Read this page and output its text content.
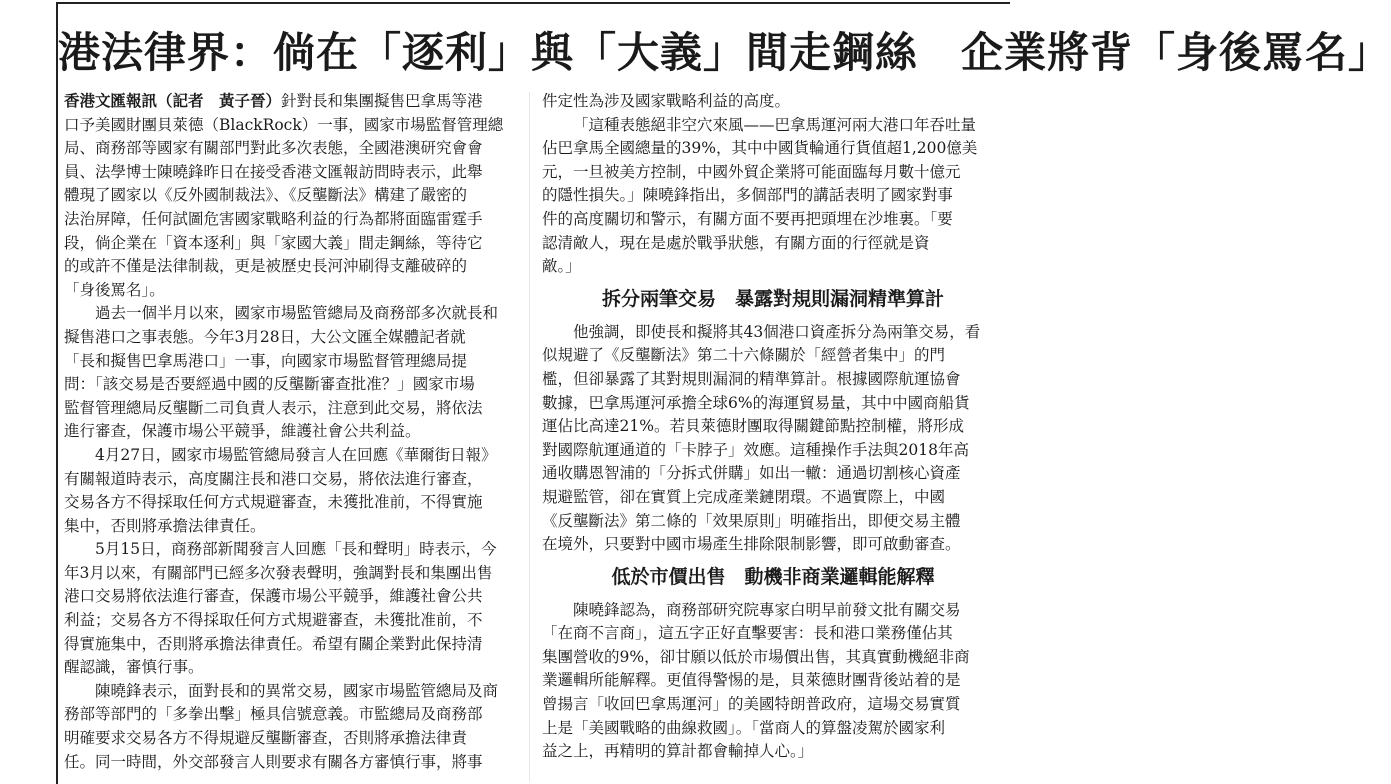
港法律界：倘在「逐利」與「大義」間走鋼絲　企業將背「身後罵名」
香港文匯報訊（記者　黃子晉）針對長和集團擬售巴拿馬等港
口予美國財團貝萊德（BlackRock）一事，國家市場監督管理總
局、商務部等國家有關部門對此多次表態，全國港澳研究會會
員、法學博士陳曉鋒昨日在接受香港文匯報訪問時表示，此舉
體現了國家以《反外國制裁法》、《反壟斷法》構建了嚴密的
法治屏障，任何試圖危害國家戰略利益的行為都將面臨雷霆手
段，倘企業在「資本逐利」與「家國大義」間走鋼絲，等待它
的或許不僅是法律制裁，更是被歷史長河沖刷得支離破碎的
「身後罵名」。
過去一個半月以來，國家市場監管總局及商務部多次就長和
擬售港口之事表態。今年3月28日，大公文匯全媒體記者就
「長和擬售巴拿馬港口」一事，向國家市場監督管理總局提
問：「該交易是否要經過中國的反壟斷審查批准？」國家市場
監督管理總局反壟斷二司負責人表示，注意到此交易，將依法
進行審查，保護市場公平競爭，維護社會公共利益。
4月27日，國家市場監管總局發言人在回應《華爾街日報》
有關報道時表示，高度關注長和港口交易，將依法進行審查，
交易各方不得採取任何方式規避審查，未獲批准前，不得實施
集中，否則將承擔法律責任。
5月15日，商務部新聞發言人回應「長和聲明」時表示，今
年3月以來，有關部門已經多次發表聲明，強調對長和集團出售
港口交易將依法進行審查，保護市場公平競爭，維護社會公共
利益；交易各方不得採取任何方式規避審查，未獲批准前，不
得實施集中，否則將承擔法律責任。希望有關企業對此保持清
醒認識，審慎行事。
陳曉鋒表示，面對長和的異常交易，國家市場監管總局及商
務部等部門的「多拳出擊」極具信號意義。市監總局及商務部
明確要求交易各方不得規避反壟斷審查，否則將承擔法律責
任。同一時間，外交部發言人則要求有關各方審慎行事，將事
件定性為涉及國家戰略利益的高度。
「這種表態絕非空穴來風——巴拿馬運河兩大港口年吞吐量
佔巴拿馬全國總量的39%，其中中國貨輪通行貨值超1,200億美
元，一旦被美方控制，中國外貿企業將可能面臨每月數十億元
的隱性損失。」陳曉鋒指出，多個部門的講話表明了國家對事
件的高度關切和警示，有關方面不要再把頭埋在沙堆裏。「要
認清敵人，現在是處於戰爭狀態，有關方面的行徑就是資
敵。」
拆分兩筆交易　暴露對規則漏洞精準算計
他強調，即使長和擬將其43個港口資產拆分為兩筆交易，看
似規避了《反壟斷法》第二十六條關於「經營者集中」的門
檻，但卻暴露了其對規則漏洞的精準算計。根據國際航運協會
數據，巴拿馬運河承擔全球6%的海運貿易量，其中中國商船貨
運佔比高達21%。若貝萊德財團取得關鍵節點控制權，將形成
對國際航運通道的「卡脖子」效應。這種操作手法與2018年高
通收購恩智浦的「分拆式併購」如出一轍：通過切割核心資產
規避監管，卻在實質上完成產業鏈閉環。不過實際上，中國
《反壟斷法》第二條的「效果原則」明確指出，即便交易主體
在境外，只要對中國市場產生排除限制影響，即可啟動審查。
低於市價出售　動機非商業邏輯能解釋
陳曉鋒認為，商務部研究院專家白明早前發文批有關交易
「在商不言商」，這五字正好直擊要害：長和港口業務僅佔其
集團營收的9%，卻甘願以低於市場價出售，其真實動機絕非商
業邏輯所能解釋。更值得警惕的是，貝萊德財團背後站着的是
曾揚言「收回巴拿馬運河」的美國特朗普政府，這場交易實質
上是「美國戰略的曲線救國」。「當商人的算盤凌駕於國家利
益之上，再精明的算計都會輸掉人心。」
